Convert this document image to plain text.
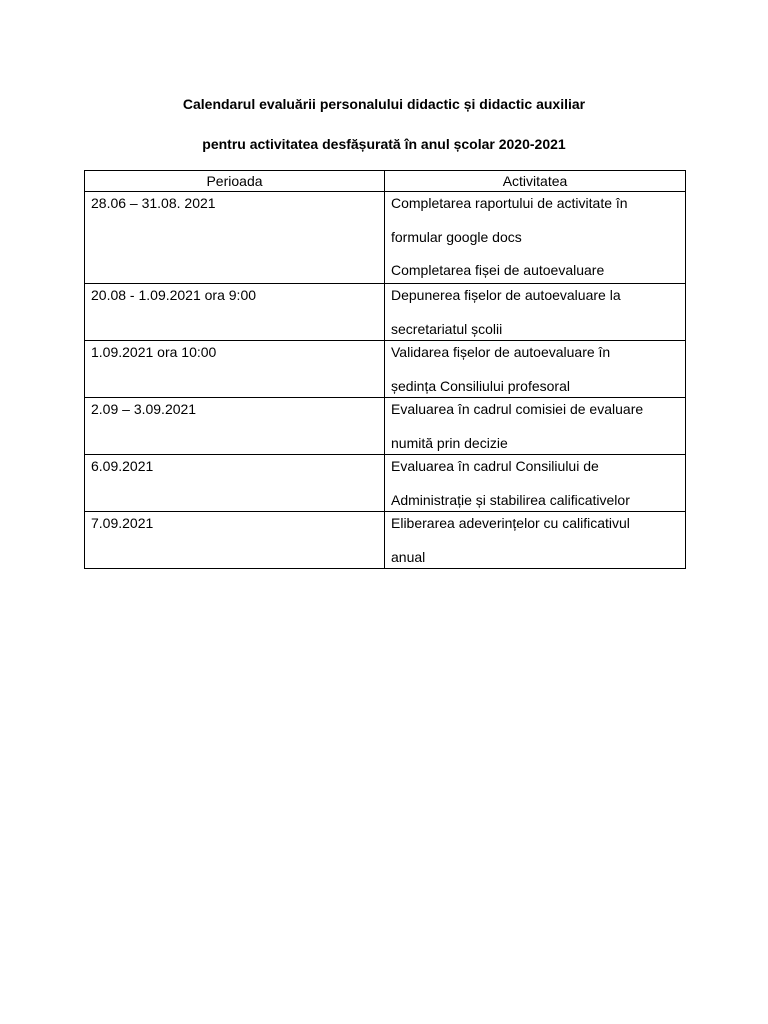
Calendarul evaluării personalului didactic și didactic auxiliar
pentru activitatea desfășurată în anul școlar 2020-2021
Perioada	Activitatea
28.06 – 31.08. 2021	Completarea raportului de activitate în
formular google docs
Completarea fișei de autoevaluare

20.08 - 1.09.2021 ora 9:00	Depunerea fișelor de autoevaluare la
secretariatul școlii

1.09.2021 ora 10:00	Validarea fișelor de autoevaluare în
ședința Consiliului profesoral

2.09 – 3.09.2021	Evaluarea în cadrul comisiei de evaluare
numită prin decizie

6.09.2021	Evaluarea în cadrul Consiliului de
Administrație și stabilirea calificativelor

7.09.2021	Eliberarea adeverințelor cu calificativul
anual
